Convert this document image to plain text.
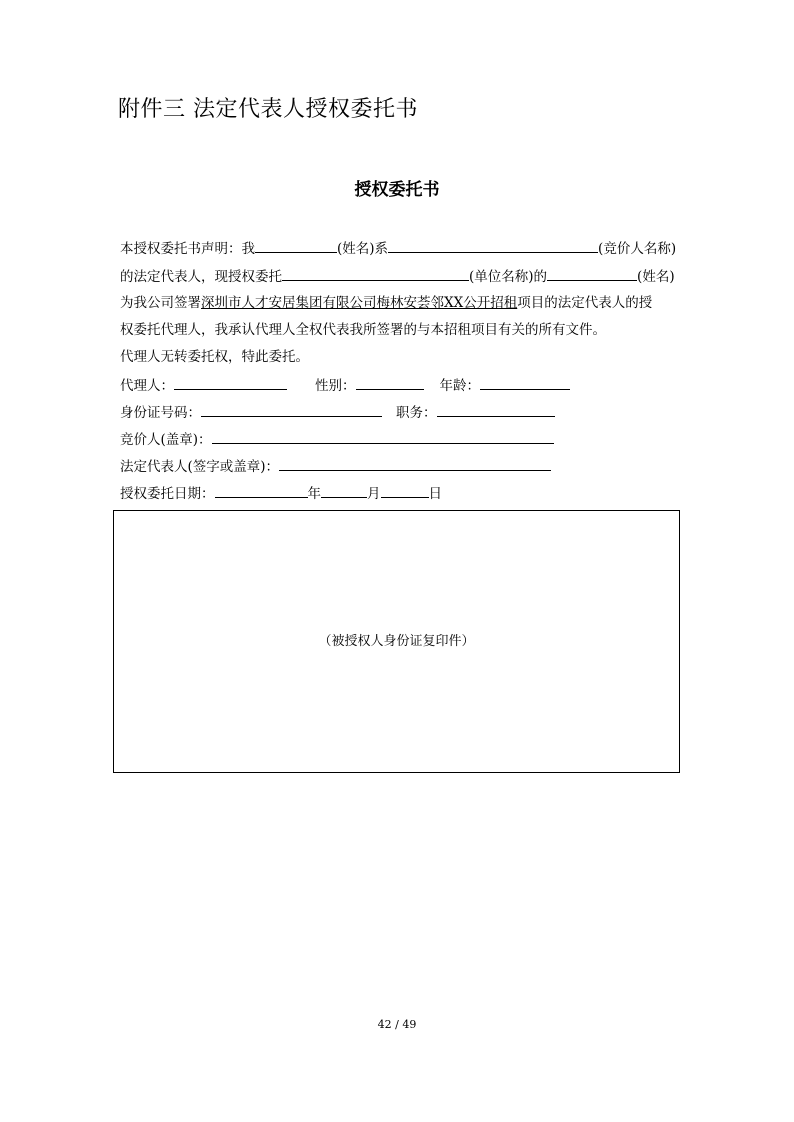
附件三 法定代表人授权委托书
授权委托书
本授权委托书声明：我	(姓名)系	(竞价人名称)
的法定代表人，现授权委托	(单位名称)的	(姓名)
为我公司签署 深圳市人才安居集团有限公司梅林安荟邻XX公开招租 项目的法定代表人的授
权委托代理人，我承认代理人全权代表我所签署的与本招租项目有关的所有文件。
代理人无转委托权，特此委托。
代理人：	性别：	年龄：
身份证号码：	职务：
竞价人(盖章)：
法定代表人(签字或盖章)：
授权委托日期：	年	月	日
（被授权人身份证复印件）
42 / 49
